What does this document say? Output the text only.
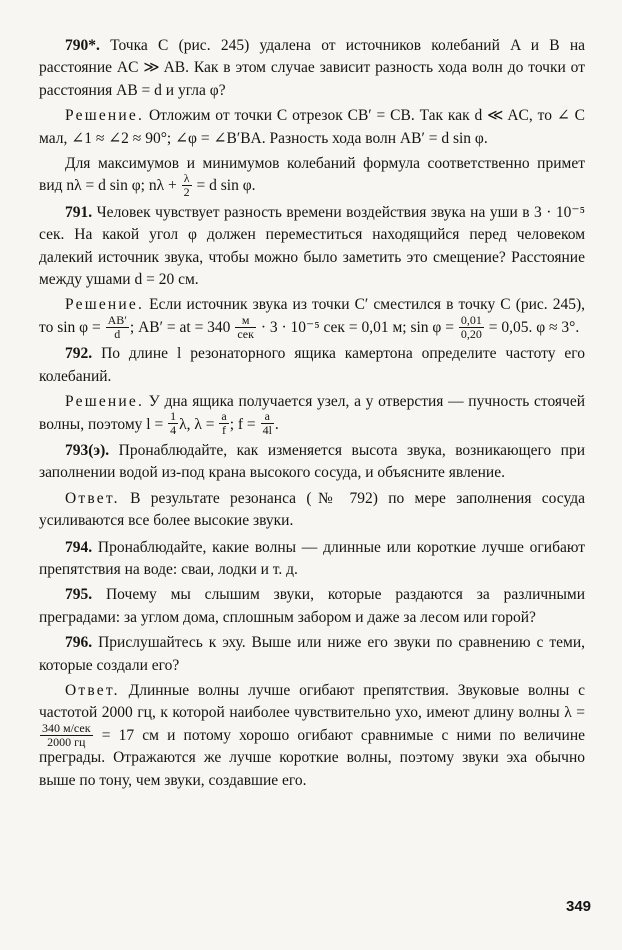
790*. Точка C (рис. 245) удалена от источников колебаний A и B на расстояние AC ≫ AB. Как в этом случае зависит разность хода волн до точки от расстояния AB = d и угла φ?

Решение. Отложим от точки C отрезок CB′ = CB. Так как d ≪ AC, то ∠ C мал, ∠1 ≈ ∠2 ≈ 90°; ∠φ = ∠B′BA. Разность хода волн AB′ = d sin φ.

Для максимумов и минимумов колебаний формула соответственно примет вид nλ = d sin φ; $n\lambda + \frac{\lambda}{2} = d$ sin φ.

791. Человек чувствует разность времени воздействия звука на уши в 3 · 10⁻⁵ сек. На какой угол φ должен переместиться находящийся перед человеком далекий источник звука, чтобы можно было заметить это смещение? Расстояние между ушами d = 20 см.

Решение. Если источник звука из точки C′ сместился в точку C (рис. 245), то $\sin \varphi = \frac{AB'}{d}$ ; AB′ = at = 340 м
сек · 3 · 10⁻⁵ сек = 0,01 м; $\sin \varphi = \frac{0,01}{0,20} = 0,05$. φ ≈ 3°.

792. По длине l резонаторного ящика камертона определите частоту его колебаний.

Решение. У дна ящика получается узел, а у отверстия — пучность стоячей волны, поэтому $l = \frac{1}{4} \lambda$, $\lambda = \frac{a}{f}$ ; $f = \frac{a}{4l}$ .

793(э). Пронаблюдайте, как изменяется высота звука, возникающего при заполнении водой из-под крана высокого сосуда, и объясните явление.

Ответ. В результате резонанса (№ 792) по мере заполнения сосуда усиливаются все более высокие звуки.

794. Пронаблюдайте, какие волны — длинные или короткие лучше огибают препятствия на воде: сваи, лодки и т. д.

795. Почему мы слышим звуки, которые раздаются за различными преградами: за углом дома, сплошным забором и даже за лесом или горой?

796. Прислушайтесь к эху. Выше или ниже его звуки по сравнению с теми, которые создали его?

Ответ. Длинные волны лучше огибают препятствия. Звуковые волны с частотой 2000 гц, к которой наиболее чувствительно ухо, имеют длину волны λ =
340 м/сек
2000 гц	= 17 см и потому хорошо огибают сравнимые с ними по величине преграды. Отражаются же лучше короткие волны, поэтому звуки эха обычно выше по тону, чем звуки, создавшие его.

349
